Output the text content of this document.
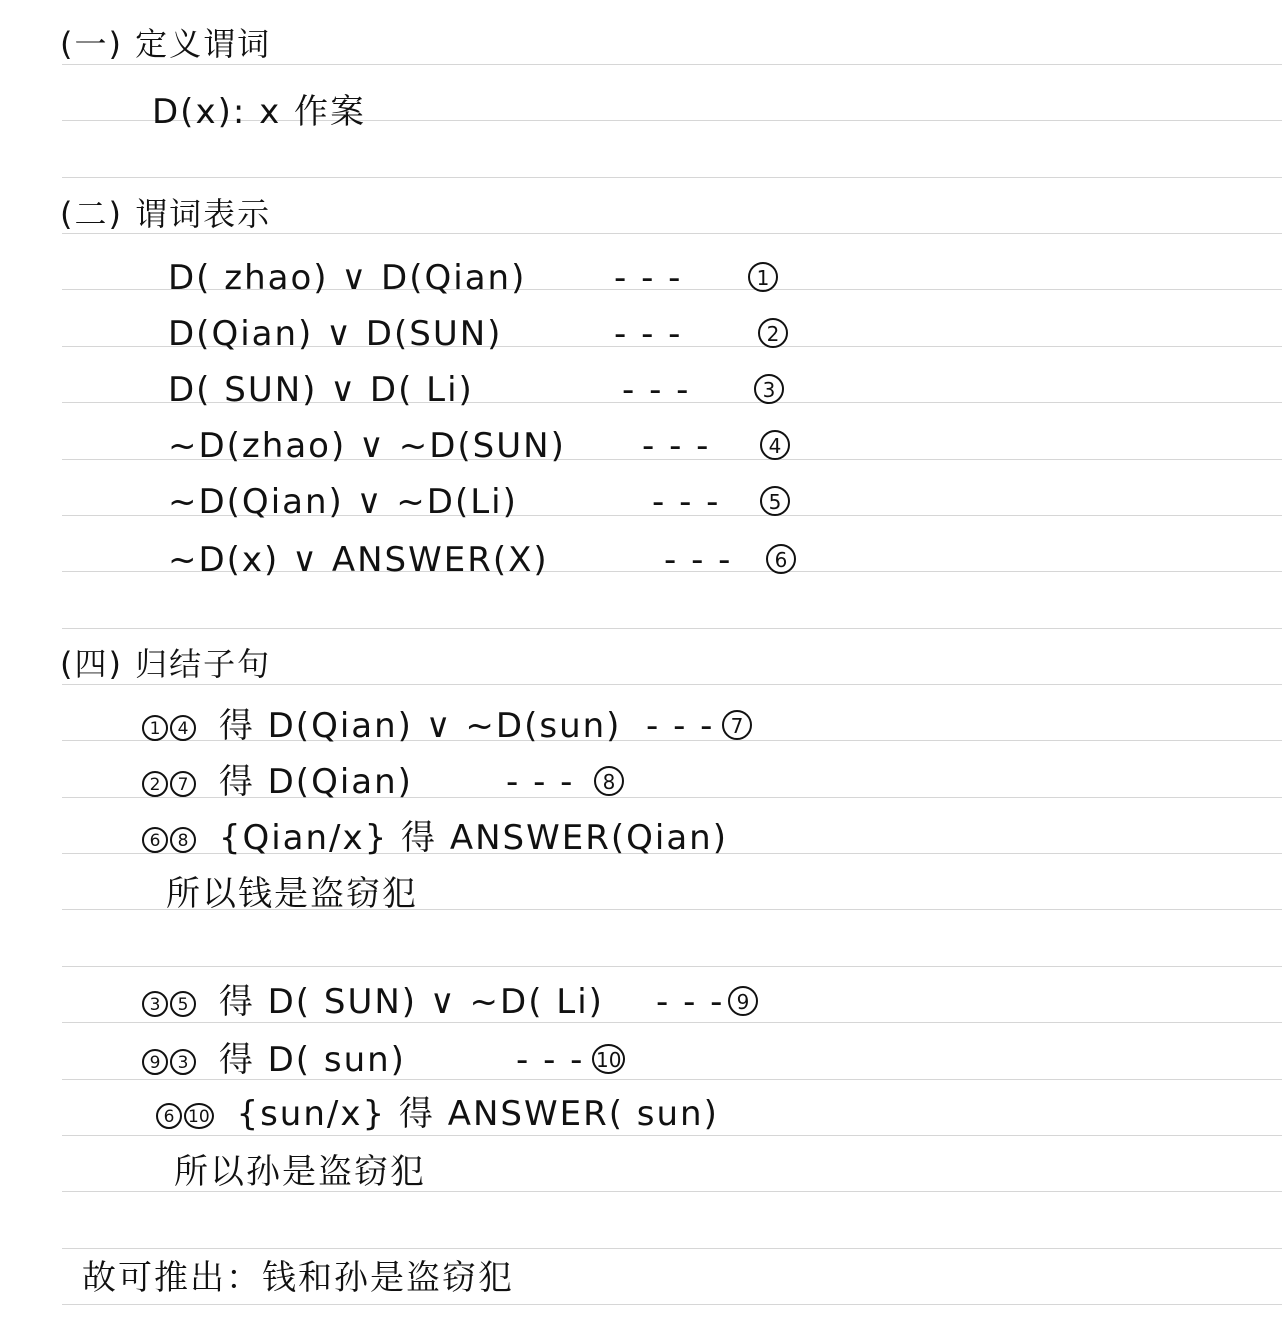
(一) 定义谓词
D(x): x 作案
(二) 谓词表示
D( zhao) ∨ D(Qian)	- - -	1
D(Qian) ∨ D(SUN)	- - -	2
D( SUN) ∨ D( Li)	- - -	3
~D(zhao) ∨ ~D(SUN) - - -	4
~D(Qian) ∨ ~D(Li)	- - -	5
~D(x) ∨ ANSWER(X)	- - -	6
(四) 归结子句
1 4 得 D(Qian) ∨ ~D(sun) - - - 7
2 7 得 D(Qian)	- - -	8
6 8 {Qian/x} 得 ANSWER(Qian)
所以钱是盗窃犯
3 5 得 D( SUN) ∨ ~D( Li) - - - 9
9 3 得 D( sun)	- - - 10
6 10 {sun/x} 得 ANSWER( sun)
所以孙是盗窃犯
故可推出：钱和孙是盗窃犯
